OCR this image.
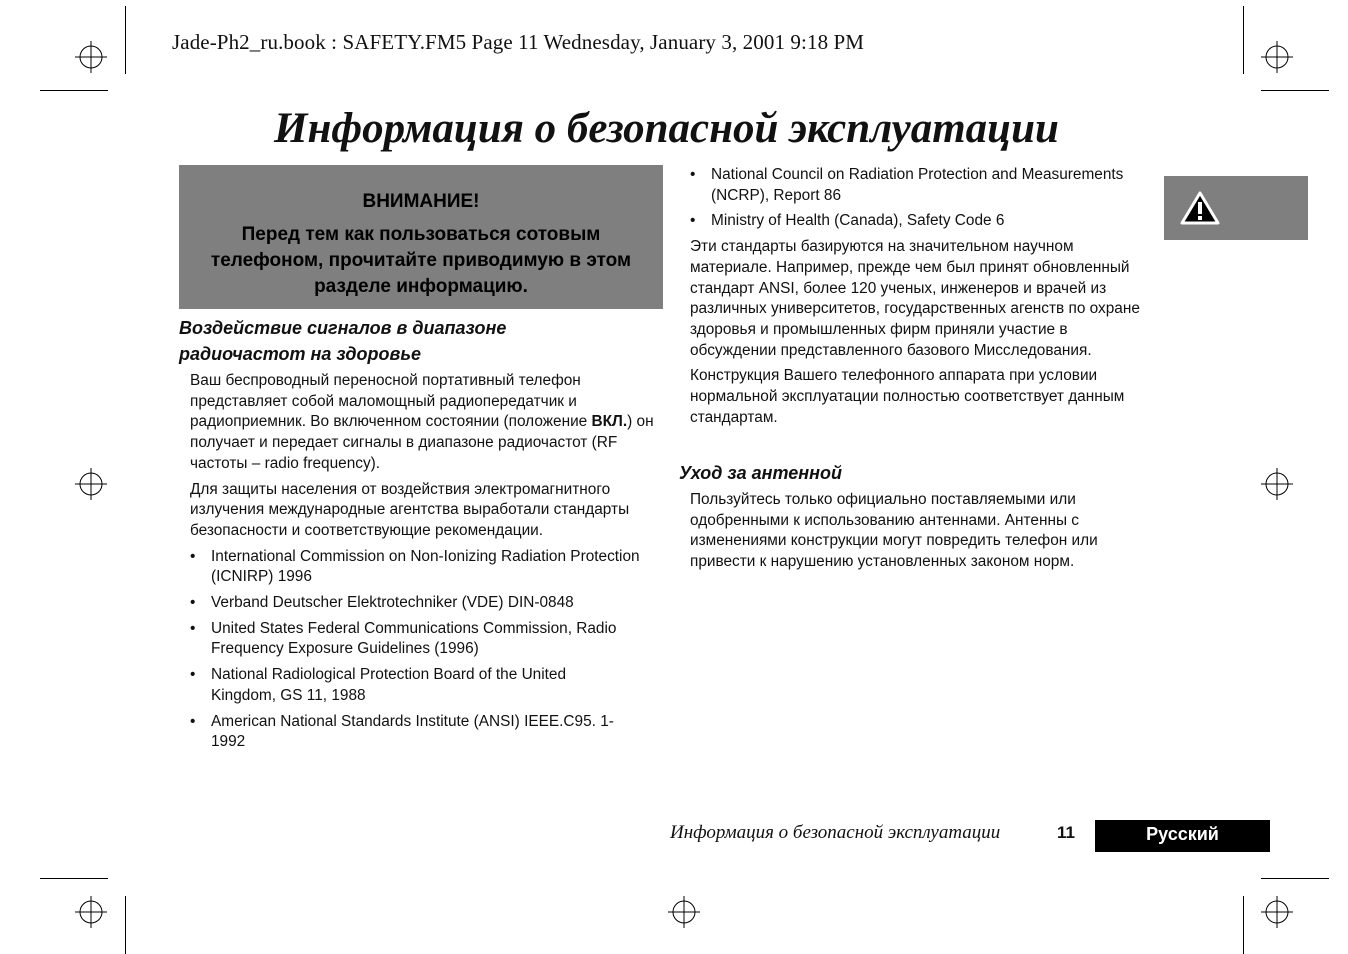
Jade-Ph2_ru.book : SAFETY.FM5 Page 11 Wednesday, January 3, 2001 9:18 PM
Информация о безопасной эксплуатации
ВНИМАНИЕ!
Перед тем как пользоваться сотовым телефоном, прочитайте приводимую в этом разделе информацию.
Воздействие сигналов в диапазоне радиочастот на здоровье

Ваш беспроводный переносной портативный телефон представляет собой маломощный радиопередатчик и радиоприемник. Во включенном состоянии (положение ВКЛ.) он получает и передает сигналы в диапазоне радиочастот (RF частоты – radio frequency).

Для защиты населения от воздействия электромагнитного излучения международные агентства выработали стандарты безопасности и соответствующие рекомендации.

• International Commission on Non-Ionizing Radiation Protection (ICNIRP) 1996
• Verband Deutscher Elektrotechniker (VDE) DIN-0848
• United States Federal Communications Commission, Radio Frequency Exposure Guidelines (1996)
• National Radiological Protection Board of the United Kingdom, GS 11, 1988
• American National Standards Institute (ANSI) IEEE.C95. 1-1992
• National Council on Radiation Protection and Measurements (NCRP), Report 86
• Ministry of Health (Canada), Safety Code 6

Эти стандарты базируются на значительном научном материале. Например, прежде чем был принят обновленный стандарт ANSI, более 120 ученых, инженеров и врачей из различных университетов, государственных агенств по охране здоровья и промышленных фирм приняли участие в обсуждении представленного базового Мисследования.

Конструкция Вашего телефонного аппарата при условии нормальной эксплуатации полностью соответствует данным стандартам.

Уход за антенной

Пользуйтесь только официально поставляемыми или одобренными к использованию антеннами. Антенны с изменениями конструкции могут повредить телефон или привести к нарушению установленных законом норм.

Информация о безопасной эксплуатации	11	Русский
